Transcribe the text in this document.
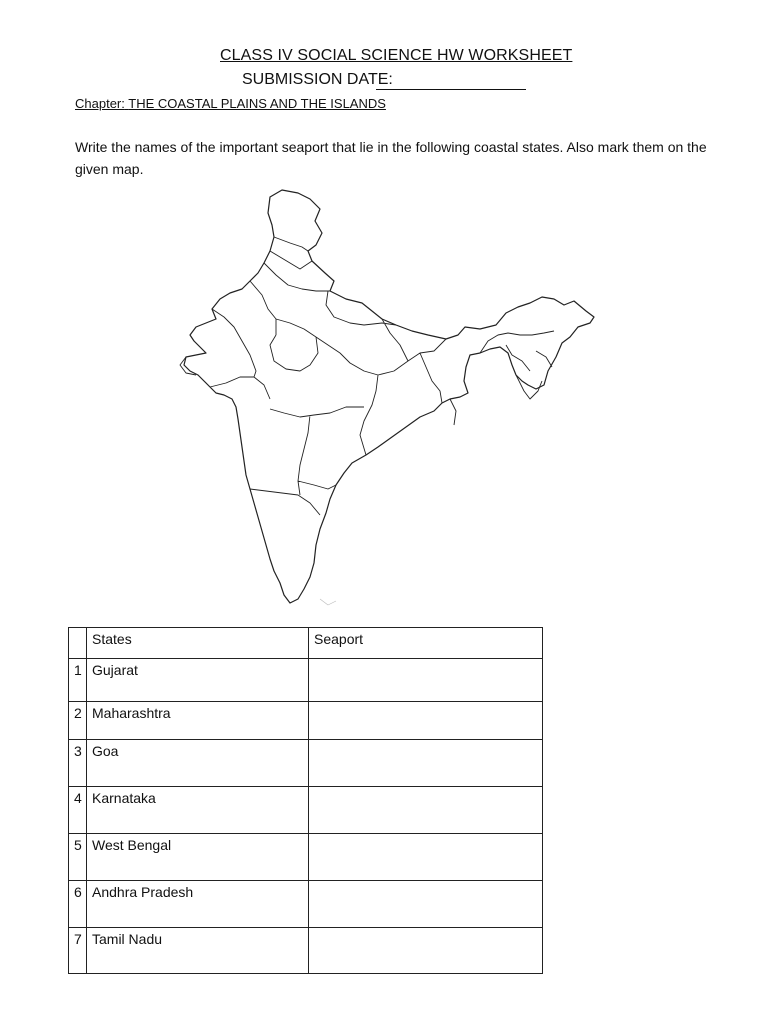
CLASS IV SOCIAL SCIENCE HW WORKSHEET
SUBMISSION DATE:
Chapter: THE COASTAL PLAINS AND THE ISLANDS
Write the names of the important seaport that lie in the following coastal states. Also mark them on the given map.
	States	Seaport
1	Gujarat	
2	Maharashtra	
3	Goa	
4	Karnataka	
5	West Bengal	
6	Andhra Pradesh	
7	Tamil Nadu	
